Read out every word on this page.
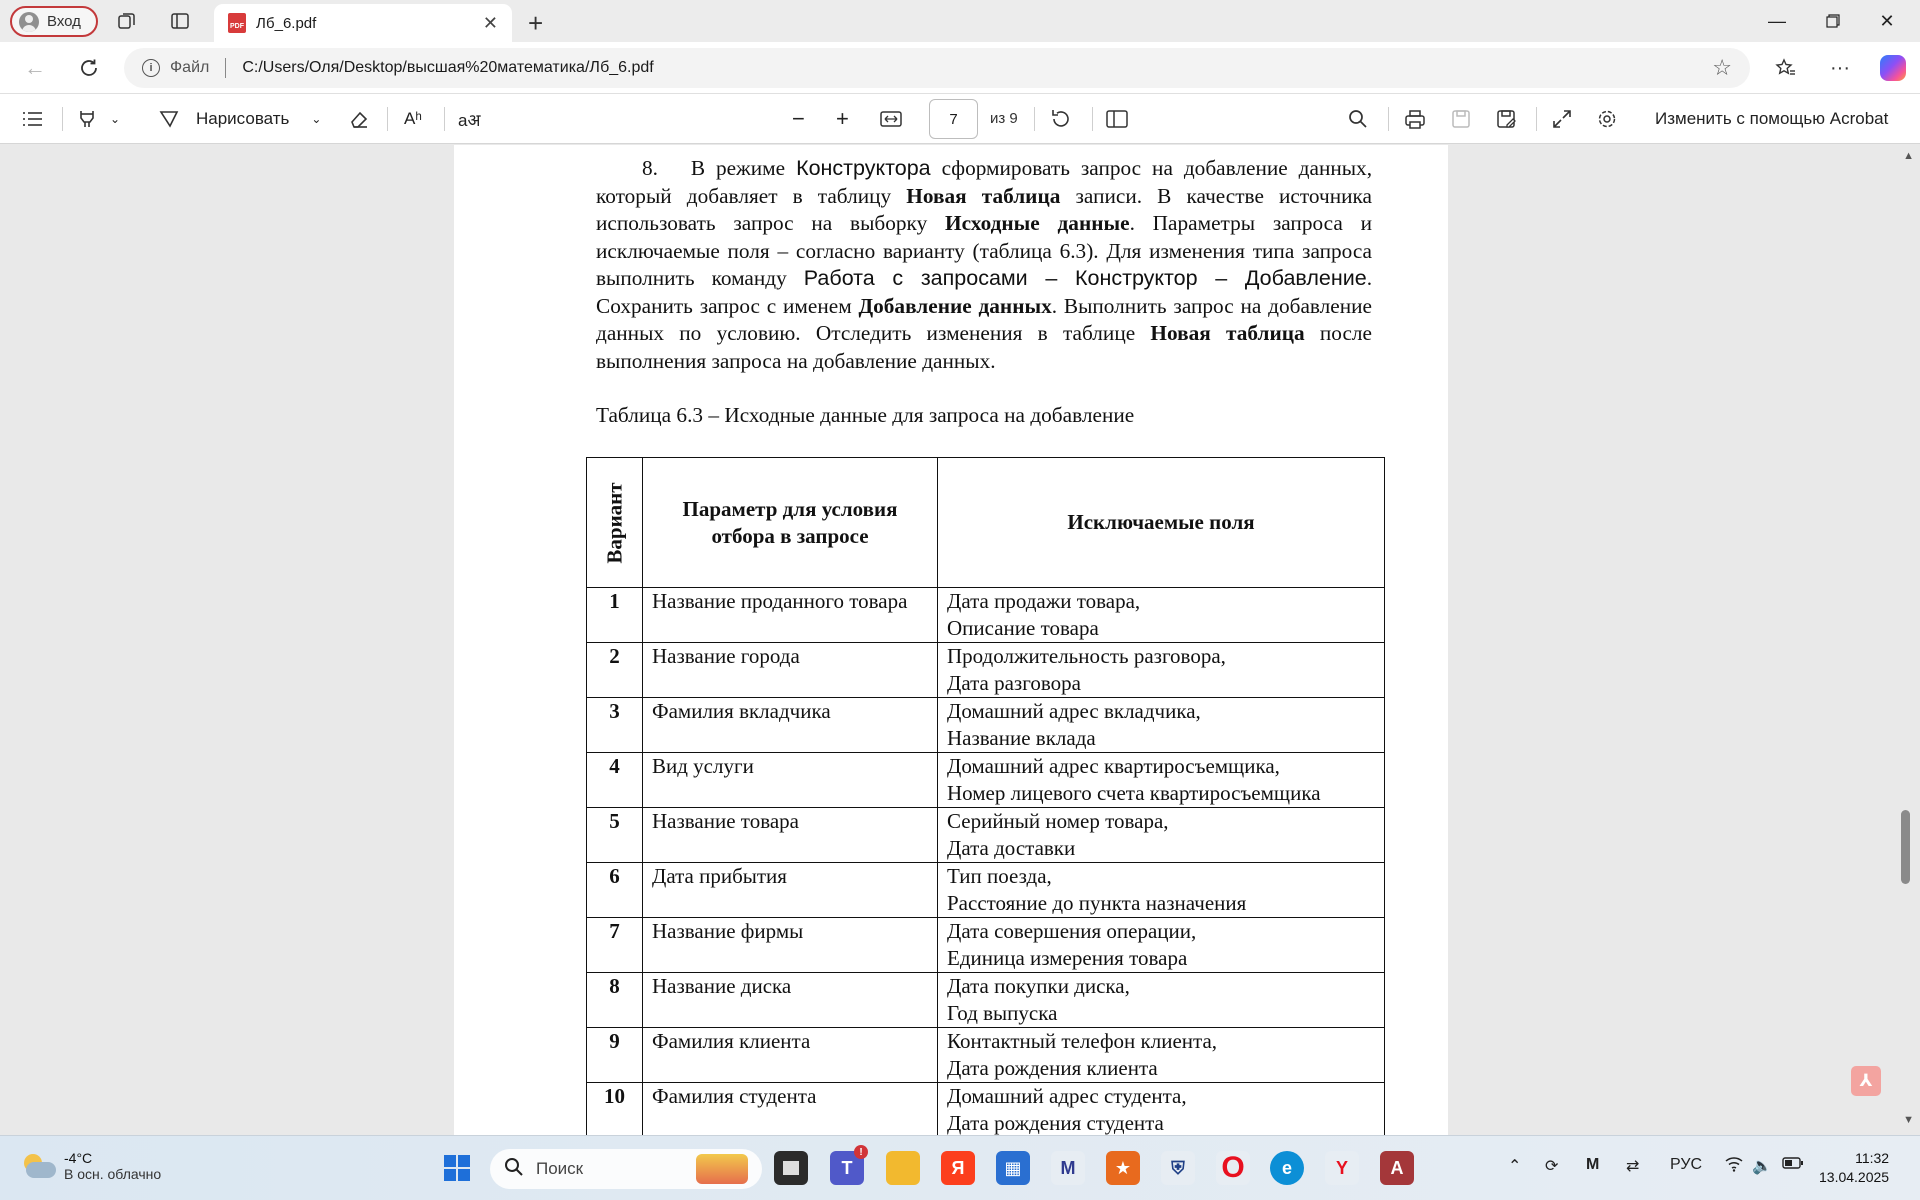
Вход	PDF Лб_6.pdf	✕ +	—	✕
←	i	Файл C:/Users/Оля/Desktop/высшая%20математика/Лб_6.pdf	☆	···
⌄	Нарисовать ⌄	Aʰ aअ	− +	7 из 9	Изменить с помощью Acrobat

8. В режиме Конструктора сформировать запрос на добавление данных, который добавляет в таблицу Новая таблица записи. В качестве источника использовать запрос на выборку Исходные данные. Параметры запроса и исключаемые поля – согласно варианту (таблица 6.3). Для изменения типа запроса выполнить команду Работа с запросами – Конструктор – Добавление. Сохранить запрос с именем Добавление данных. Выполнить запрос на добавление данных по условию. Отследить изменения в таблице Новая таблица после выполнения запроса на добавление данных.

Таблица 6.3 – Исходные данные для запроса на добавление
Вариант	Параметр для условия отбора в запросе	Исключаемые поля
1	Название проданного товара	Дата продажи товара,
Описание товара
2	Название города	Продолжительность разговора,
Дата разговора
3	Фамилия вкладчика	Домашний адрес вкладчика,
Название вклада
4	Вид услуги	Домашний адрес квартиросъемщика,
Номер лицевого счета квартиросъемщика
5	Название товара	Серийный номер товара,
Дата доставки
6	Дата прибытия	Тип поезда,
Расстояние до пункта назначения
7	Название фирмы	Дата совершения операции,
Единица измерения товара
8	Название диска	Дата покупки диска,
Год выпуска
9	Фамилия клиента	Контактный телефон клиента,
Дата рождения клиента
10	Фамилия студента	Домашний адрес студента,
Дата рождения студента
▲
▼
⅄
-4°C
В осн. облачно	Поиск	T
!
Я	▦	M	★	⛨	O	e	Y	A	⌃ ⟳ M ⇄ РУС	🔈	11:32
13.04.2025
